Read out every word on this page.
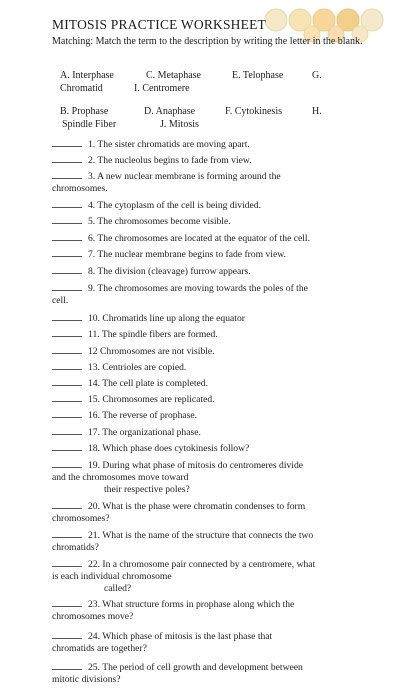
MITOSIS PRACTICE WORKSHEET
Matching: Match the term to the description by writing the letter in the blank.
A. Interphase	C. Metaphase	E. Telophase	G.
Chromatid	I. Centromere
B. Prophase	D. Anaphase	F. Cytokinesis	H.
Spindle Fiber	J. Mitosis
1. The sister chromatids are moving apart.
2. The nucleolus begins to fade from view.
3. A new nuclear membrane is forming around the
chromosomes.
4. The cytoplasm of the cell is being divided.
5. The chromosomes become visible.
6. The chromosomes are located at the equator of the cell.
7. The nuclear membrane begins to fade from view.
8. The division (cleavage) furrow appears.
9. The chromosomes are moving towards the poles of the
cell.
10. Chromatids line up along the equator
11. The spindle fibers are formed.
12 Chromosomes are not visible.
13. Centrioles are copied.
14. The cell plate is completed.
15. Chromosomes are replicated.
16. The reverse of prophase.
17. The organizational phase.
18. Which phase does cytokinesis follow?
19. During what phase of mitosis do centromeres divide
and the chromosomes move toward
their respective poles?
20. What is the phase were chromatin condenses to form
chromosomes?
21. What is the name of the structure that connects the two
chromatids?
22. In a chromosome pair connected by a centromere, what
is each individual chromosome
called?
23. What structure forms in prophase along which the
chromosomes move?
24. Which phase of mitosis is the last phase that
chromatids are together?
25. The period of cell growth and development between
mitotic divisions?
